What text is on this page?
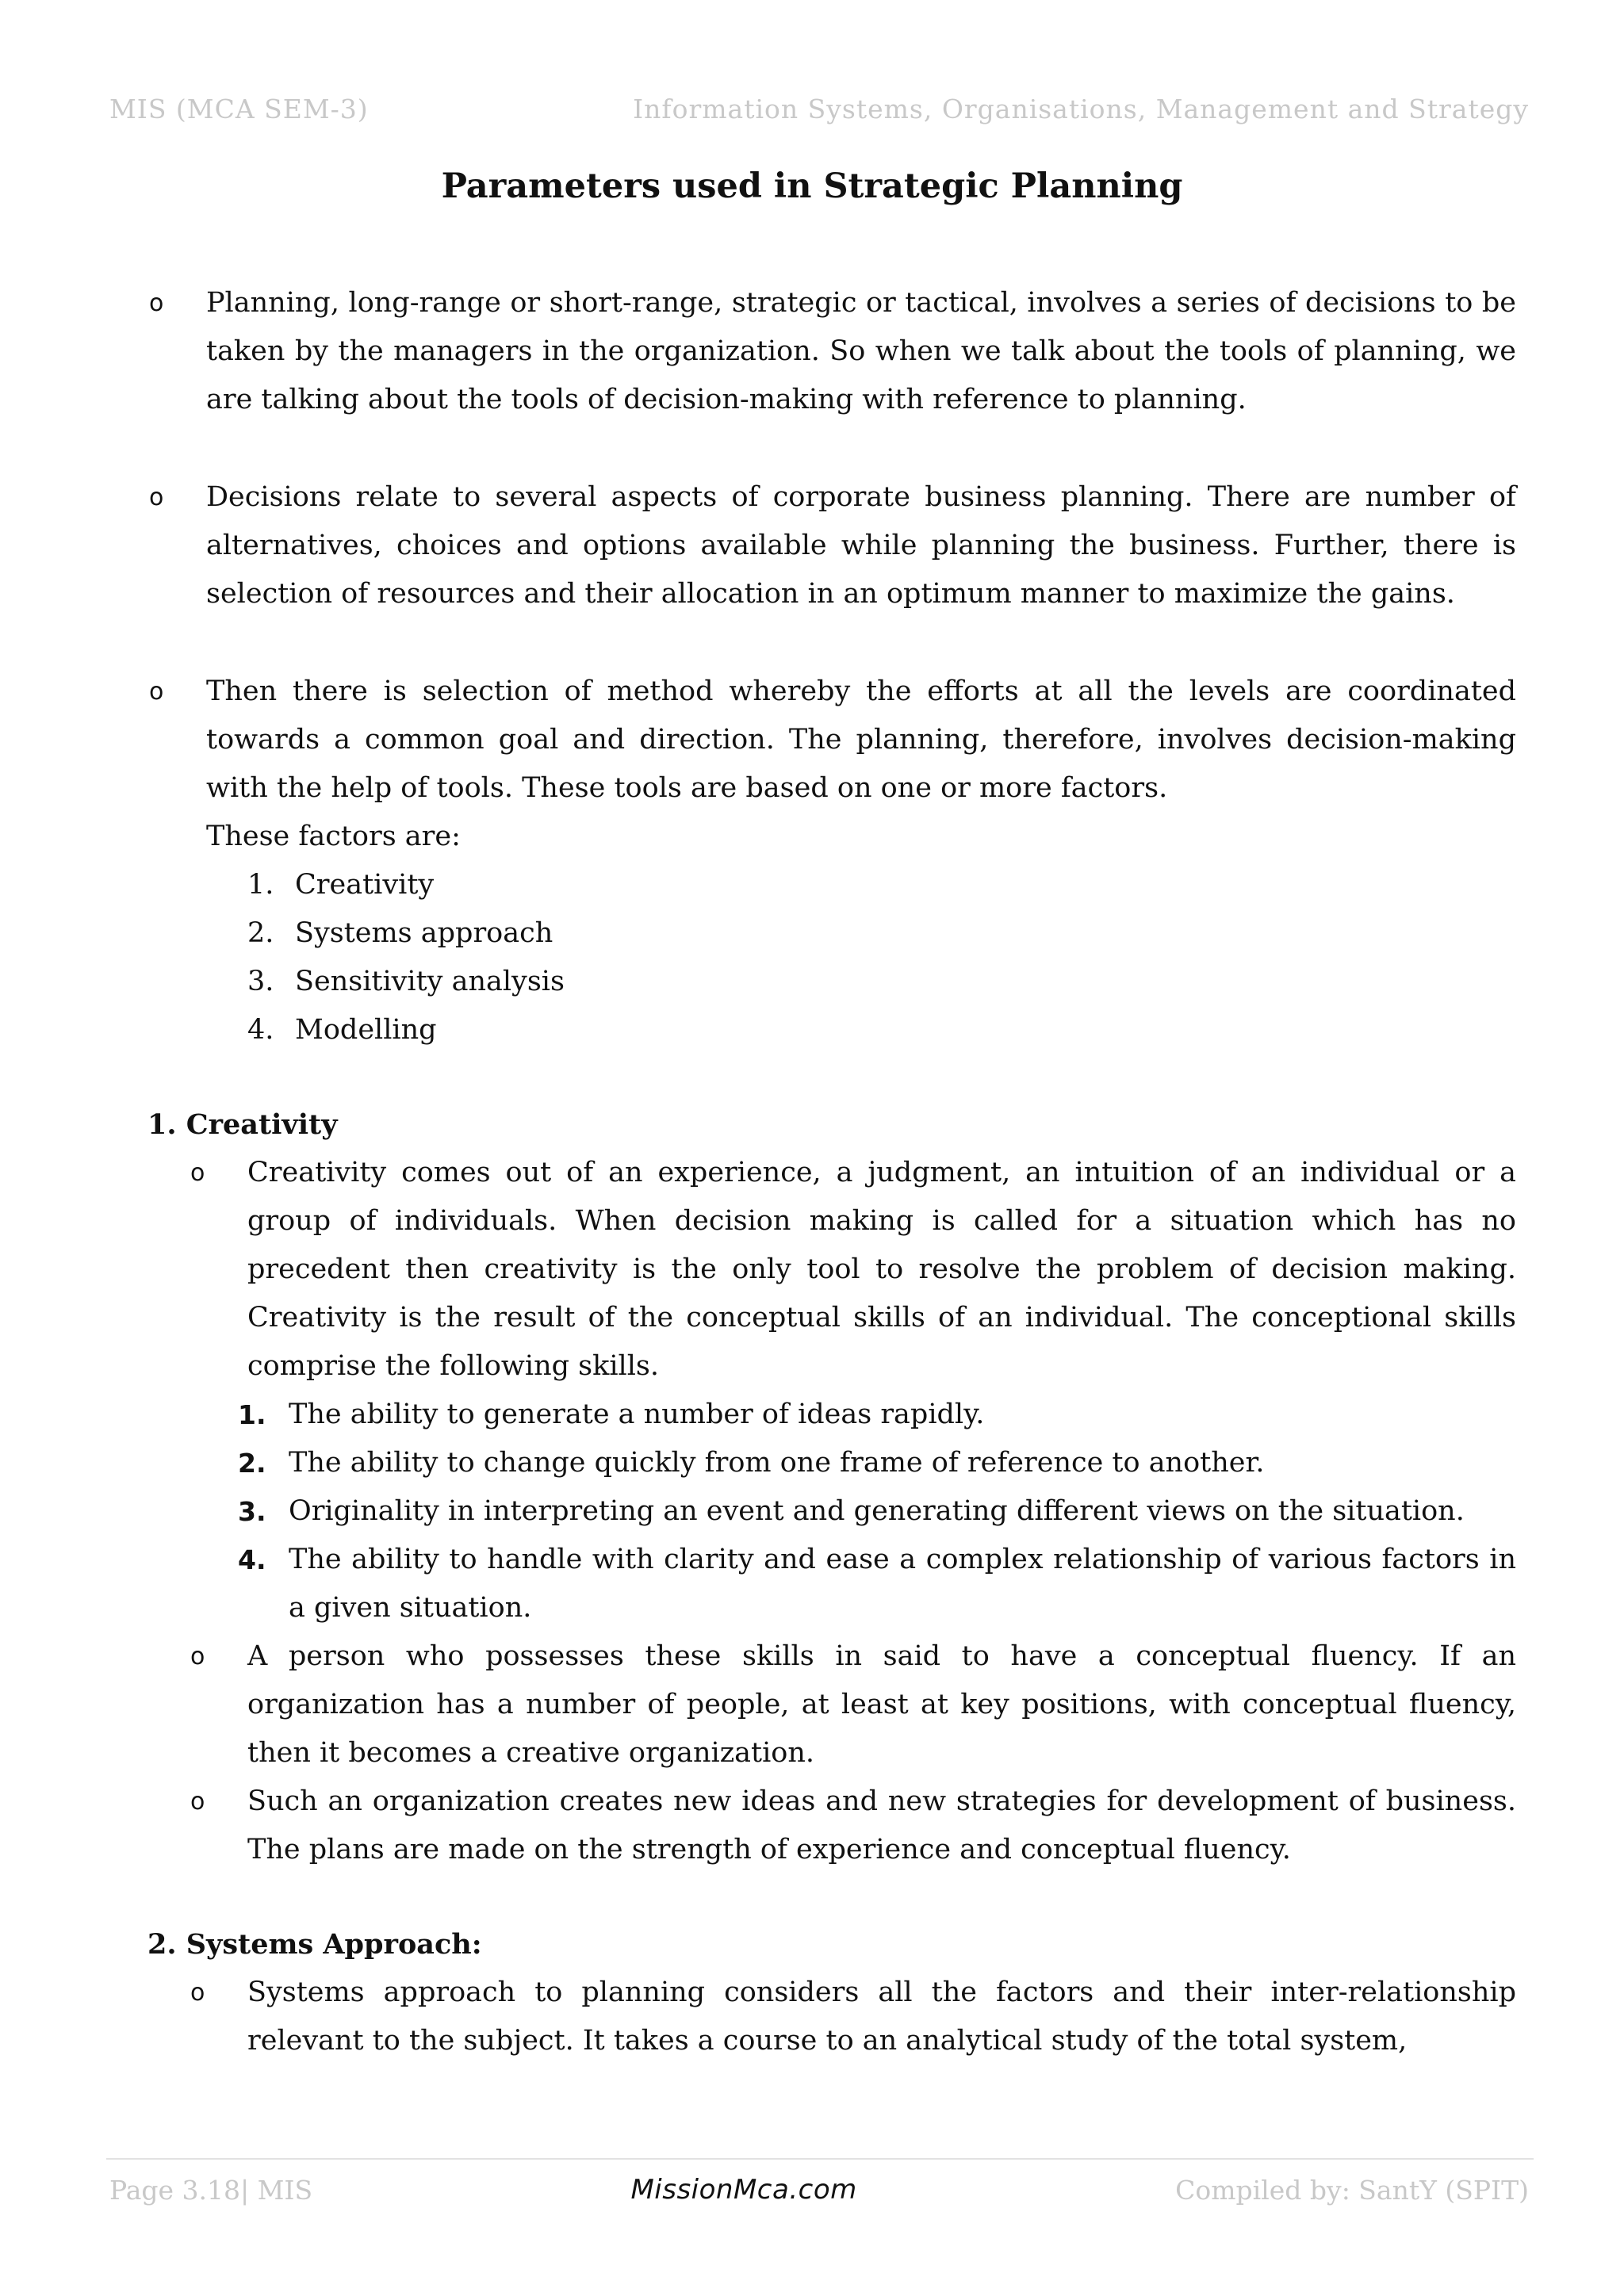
MIS (MCA SEM-3)	Information Systems, Organisations, Management and Strategy
Parameters used in Strategic Planning

o Planning, long-range or short-range, strategic or tactical, involves a series of decisions to be taken by the managers in the organization. So when we talk about the tools of planning, we are talking about the tools of decision-making with reference to planning.

o Decisions relate to several aspects of corporate business planning. There are number of alternatives, choices and options available while planning the business. Further, there is selection of resources and their allocation in an optimum manner to maximize the gains.

o Then there is selection of method whereby the efforts at all the levels are coordinated towards a common goal and direction. The planning, therefore, involves decision-making with the help of tools. These tools are based on one or more factors.

These factors are:

1. Creativity
2. Systems approach
3. Sensitivity analysis
4. Modelling

1. Creativity

o Creativity comes out of an experience, a judgment, an intuition of an individual or a group of individuals. When decision making is called for a situation which has no precedent then creativity is the only tool to resolve the problem of decision making. Creativity is the result of the conceptual skills of an individual. The conceptional skills comprise the following skills.

1. The ability to generate a number of ideas rapidly.
2. The ability to change quickly from one frame of reference to another.
3. Originality in interpreting an event and generating different views on the situation.
4. The ability to handle with clarity and ease a complex relationship of various factors in a given situation.

o A person who possesses these skills in said to have a conceptual fluency. If an organization has a number of people, at least at key positions, with conceptual fluency, then it becomes a creative organization.

o Such an organization creates new ideas and new strategies for development of business. The plans are made on the strength of experience and conceptual fluency.

2. Systems Approach:

o Systems approach to planning considers all the factors and their inter-relationship relevant to the subject. It takes a course to an analytical study of the total system,

Page 3.18| MIS	MissionMca.com	Compiled by: SantY (SPIT)
